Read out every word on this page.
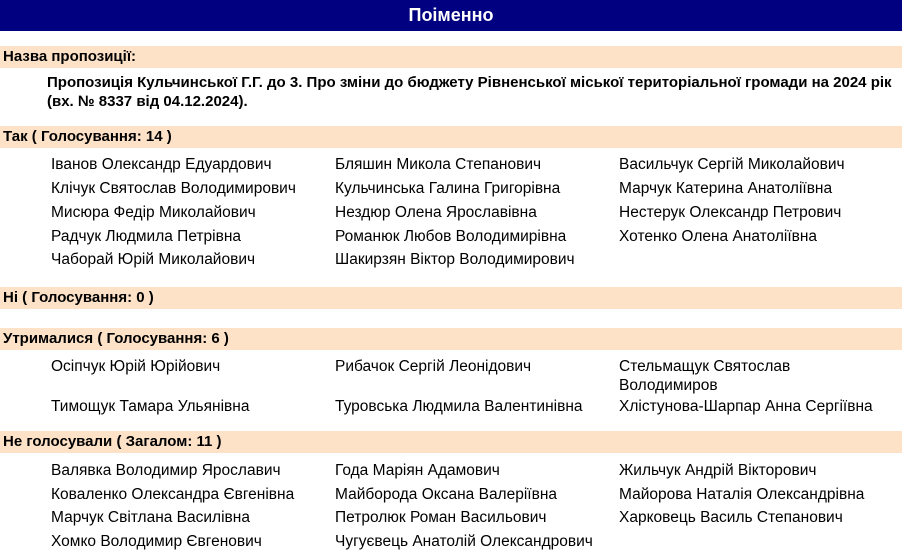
Поіменно
Назва пропозиції:
Пропозиція Кульчинської Г.Г. до 3. Про зміни до бюджету Рівненської міської територіальної громади на 2024 рік (вх. № 8337 від 04.12.2024).
Так ( Голосування: 14 )
Іванов Олександр Едуардович	Бляшин Микола Степанович	Васильчук Сергій Миколайович
Клічук Святослав Володимирович	Кульчинська Галина Григорівна	Марчук Катерина Анатоліївна
Мисюра Федір Миколайович	Нездюр Олена Ярославівна	Нестерук Олександр Петрович
Радчук Людмила Петрівна	Романюк Любов Володимирівна	Хотенко Олена Анатоліївна
Чаборай Юрій Миколайович	Шакирзян Віктор Володимирович
Ні ( Голосування: 0 )
Утрималися ( Голосування: 6 )
Осіпчук Юрій Юрійович	Рибачок Сергій Леонідович	Стельмащук Святослав Володимиров
Тимощук Тамара Ульянівна	Туровська Людмила Валентинівна	Хлістунова-Шарпар Анна Сергіївна
Не голосували ( Загалом: 11 )
Валявка Володимир Ярославич	Года Маріян Адамович	Жильчук Андрій Вікторович
Коваленко Олександра Євгенівна	Майборода Оксана Валеріївна	Майорова Наталія Олександрівна
Марчук Світлана Василівна	Петролюк Роман Васильович	Харковець Василь Степанович
Хомко Володимир Євгенович	Чугуєвець Анатолій Олександрович
